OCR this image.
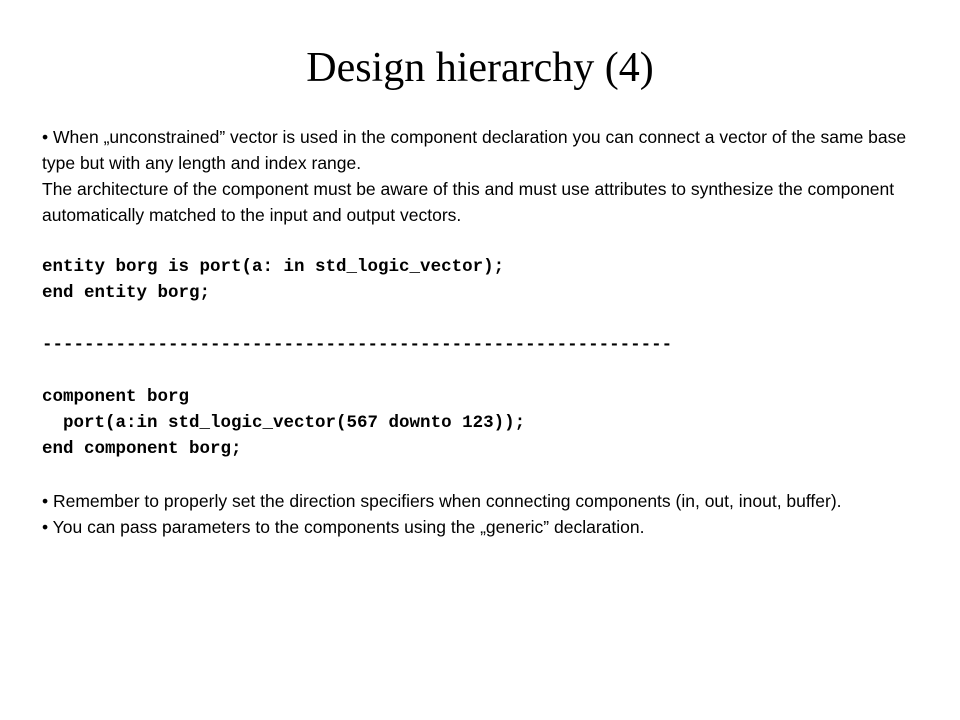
Design hierarchy (4)

• When „unconstrained” vector is used in the component declaration you can connect a vector of the same base type but with any length and index range.

The architecture of the component must be aware of this and must use attributes to synthesize the component automatically matched to the input and output vectors.

entity borg is port(a: in std_logic_vector);

end entity borg;

------------------------------------------------------------

component borg

port(a:in std_logic_vector(567 downto 123));

end component borg;

• Remember to properly set the direction specifiers when connecting components (in, out, inout, buffer).

• You can pass parameters to the components using the „generic” declaration.
